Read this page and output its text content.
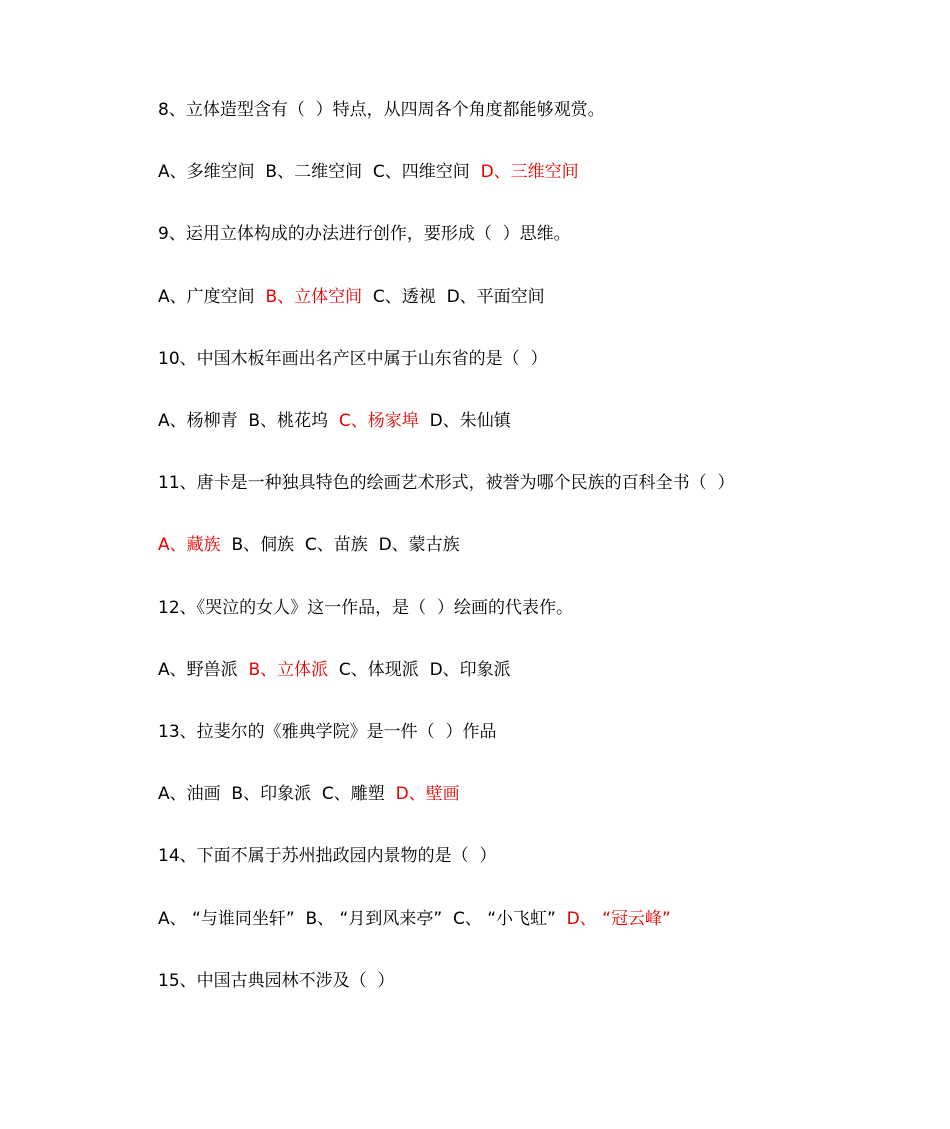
8、立体造型含有（  ）特点，从四周各个角度都能够观赏。
A、多维空间  B、二维空间  C、四维空间  D、三维空间
9、运用立体构成的办法进行创作，要形成（  ）思维。
A、广度空间  B、立体空间  C、透视  D、平面空间
10、中国木板年画出名产区中属于山东省的是（  ）
A、杨柳青  B、桃花坞  C、杨家埠  D、朱仙镇
11、唐卡是一种独具特色的绘画艺术形式，被誉为哪个民族的百科全书（  ）
A、藏族  B、侗族  C、苗族  D、蒙古族
12、《哭泣的女人》这一作品，是（  ）绘画的代表作。
A、野兽派  B、立体派  C、体现派  D、印象派
13、拉斐尔的《雅典学院》是一件（  ）作品
A、油画  B、印象派  C、雕塑  D、壁画
14、下面不属于苏州拙政园内景物的是（  ）
A、 “与谁同坐轩”  B、 “月到风来亭”  C、 “小飞虹”  D、 “冠云峰”
15、中国古典园林不涉及（  ）
